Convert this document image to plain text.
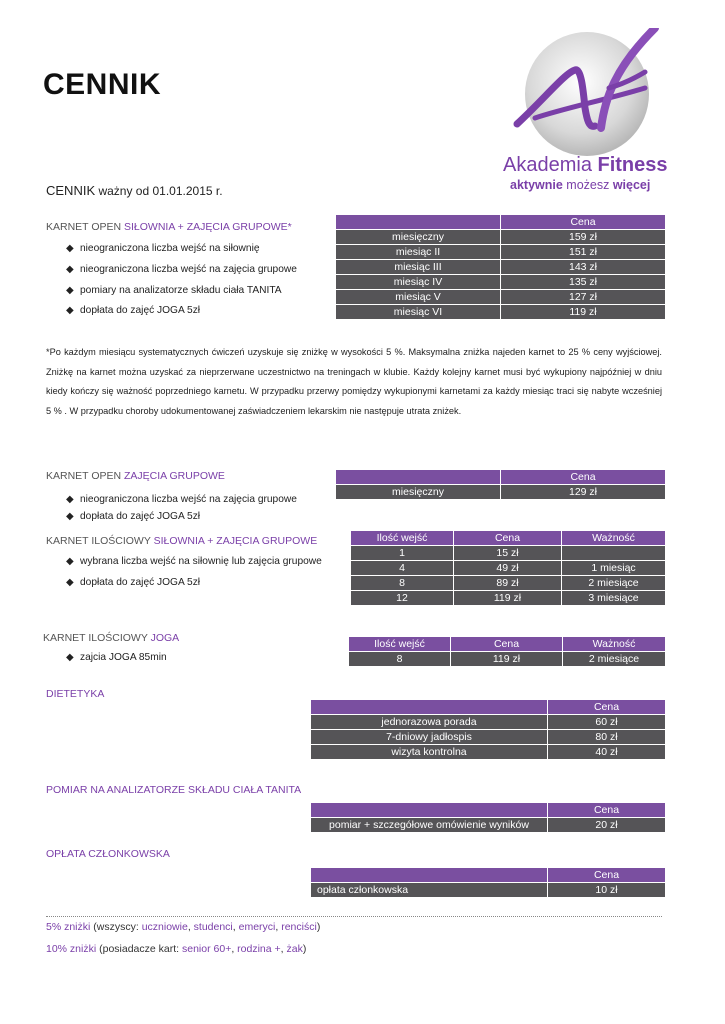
CENNIK
Akademia Fitness
aktywnie możesz więcej
CENNIK ważny od 01.01.2015 r.
KARNET OPEN SIŁOWNIA + ZAJĘCIA GRUPOWE*
◆ nieograniczona liczba wejść na siłownię
◆ nieograniczona liczba wejść na zajęcia grupowe
◆ pomiary na analizatorze składu ciała TANITA
◆ dopłata do zajęć JOGA 5zł
	Cena
miesięczny	159 zł
miesiąc II	151 zł
miesiąc III	143 zł
miesiąc IV	135 zł
miesiąc V	127 zł
miesiąc VI	119 zł
*Po każdym miesiącu systematycznych ćwiczeń uzyskuje się zniżkę w wysokości 5 %. Maksymalna zniżka najeden karnet to 25 % ceny wyjściowej. Zniżkę na karnet można uzyskać za nieprzerwane uczestnictwo na treningach w klubie. Każdy kolejny karnet musi być wykupiony najpóźniej w dniu kiedy kończy się ważność poprzedniego karnetu. W przypadku przerwy pomiędzy wykupionymi karnetami za każdy miesiąc traci się nabyte wcześniej 5 % . W przypadku choroby udokumentowanej zaświadczeniem lekarskim nie następuje utrata zniżek.
KARNET OPEN ZAJĘCIA GRUPOWE
◆ nieograniczona liczba wejść na zajęcia grupowe
◆ dopłata do zajęć JOGA 5zł
	Cena
miesięczny	129 zł
KARNET ILOŚCIOWY SIŁOWNIA + ZAJĘCIA GRUPOWE
◆ wybrana liczba wejść na siłownię lub zajęcia grupowe
◆ dopłata do zajęć JOGA 5zł
Ilość wejść	Cena	Ważność
1	15 zł	
4	49 zł	1 miesiąc
8	89 zł	2 miesiące
12	119 zł	3 miesiące
KARNET ILOŚCIOWY JOGA
◆ zajcia JOGA 85min
Ilość wejść	Cena	Ważność
8	119 zł	2 miesiące
DIETETYKA
	Cena
jednorazowa porada	60 zł
7-dniowy jadłospis	80 zł
wizyta kontrolna	40 zł
POMIAR NA ANALIZATORZE SKŁADU CIAŁA TANITA
	Cena
pomiar + szczegółowe omówienie wyników	20 zł
OPŁATA CZŁONKOWSKA
	Cena
opłata członkowska	10 zł
5% zniżki (wszyscy: uczniowie, studenci, emeryci, renciści)
10% zniżki (posiadacze kart: senior 60+, rodzina +, żak)
